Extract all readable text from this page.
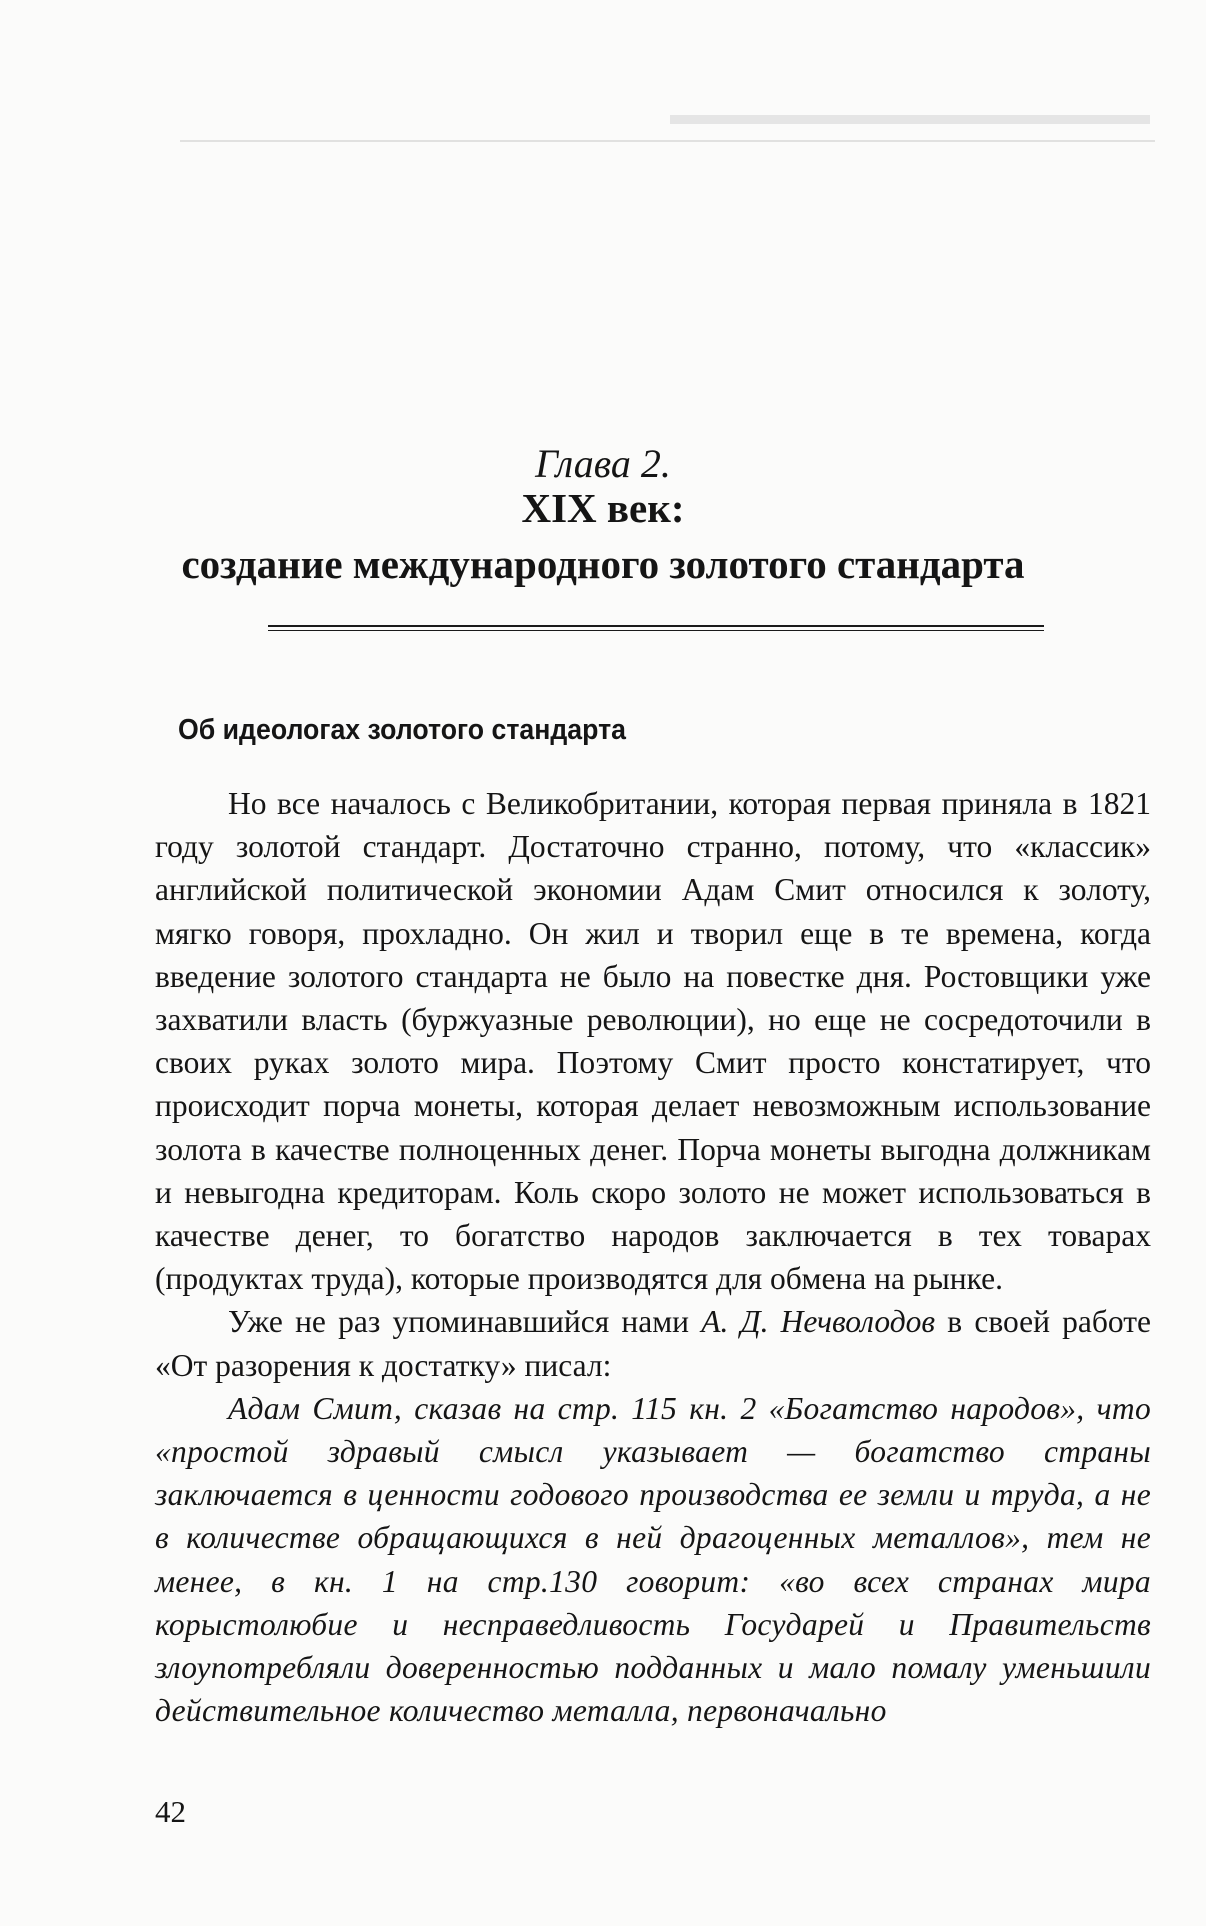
▬▬▬▬▬▬▬▬▬▬▬▬▬▬▬▬
Глава 2.
XIX век:
создание международного золотого стандарта
Об идеологах золотого стандарта

Но все началось с Великобритании, которая первая приняла в 1821 году золотой стандарт. Достаточно странно, потому, что «классик» английской политической экономии Адам Смит относился к золоту, мягко говоря, прохладно. Он жил и творил еще в те времена, когда введение золотого стандарта не было на повестке дня. Ростовщики уже захватили власть (буржуазные революции), но еще не сосредоточили в своих руках золото мира. Поэтому Смит просто констатирует, что происходит порча монеты, которая делает невозможным использование золота в качестве полноценных денег. Порча монеты выгодна должникам и невыгодна кредиторам. Коль скоро золото не может использоваться в качестве денег, то богатство народов заключается в тех товарах (продуктах труда), которые производятся для обмена на рынке.

Уже не раз упоминавшийся нами А. Д. Нечволодов в своей работе «От разорения к достатку» писал:

Адам Смит, сказав на стр. 115 кн. 2 «Богатство народов», что «простой здравый смысл указывает — богатство страны заключается в ценности годового производства ее земли и труда, а не в количестве обращающихся в ней драгоценных металлов», тем не менее, в кн. 1 на стр.130 говорит: «во всех странах мира корыстолюбие и несправедливость Государей и Правительств злоупотребляли доверенностью подданных и мало помалу уменьшили действительное количество металла, первоначально

42
